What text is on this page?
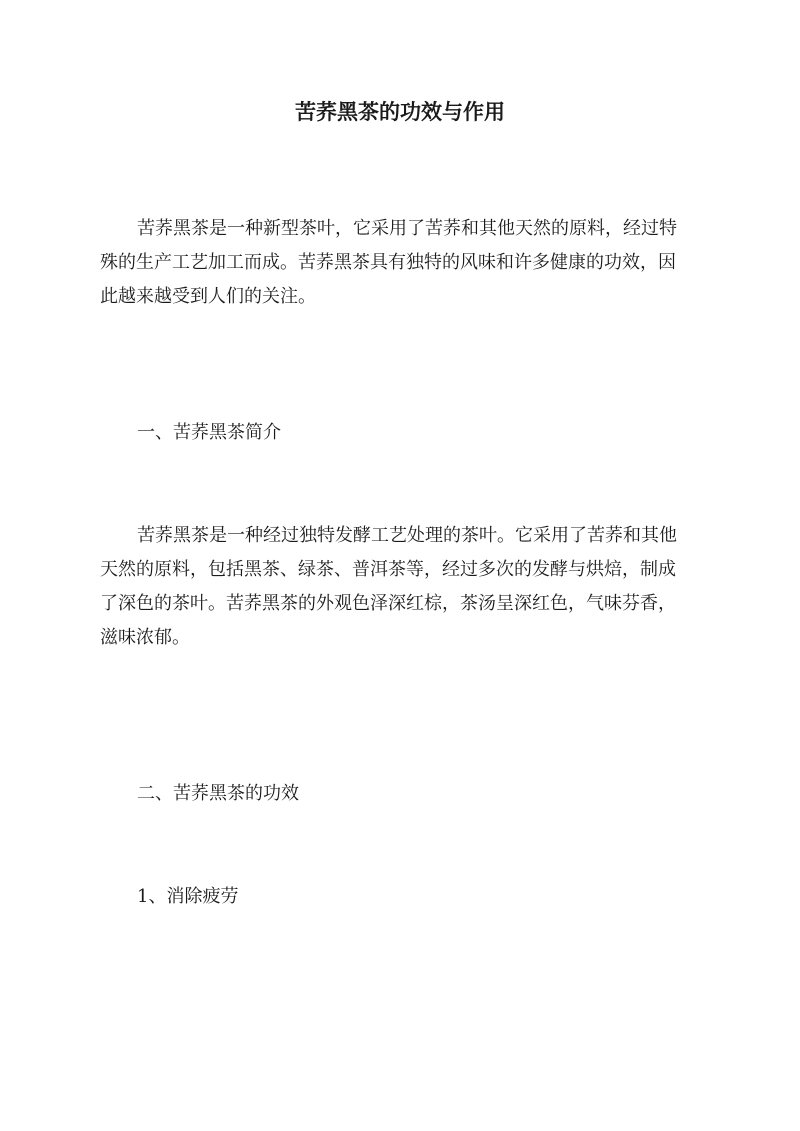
苦荞黑茶的功效与作用

苦荞黑茶是一种新型茶叶，它采用了苦荞和其他天然的原料，经过特
殊的生产工艺加工而成。苦荞黑茶具有独特的风味和许多健康的功效，因
此越来越受到人们的关注。

一、苦荞黑茶简介

苦荞黑茶是一种经过独特发酵工艺处理的茶叶。它采用了苦荞和其他
天然的原料，包括黑茶、绿茶、普洱茶等，经过多次的发酵与烘焙，制成
了深色的茶叶。苦荞黑茶的外观色泽深红棕，茶汤呈深红色，气味芬香，
滋味浓郁。

二、苦荞黑茶的功效
1、消除疲劳
